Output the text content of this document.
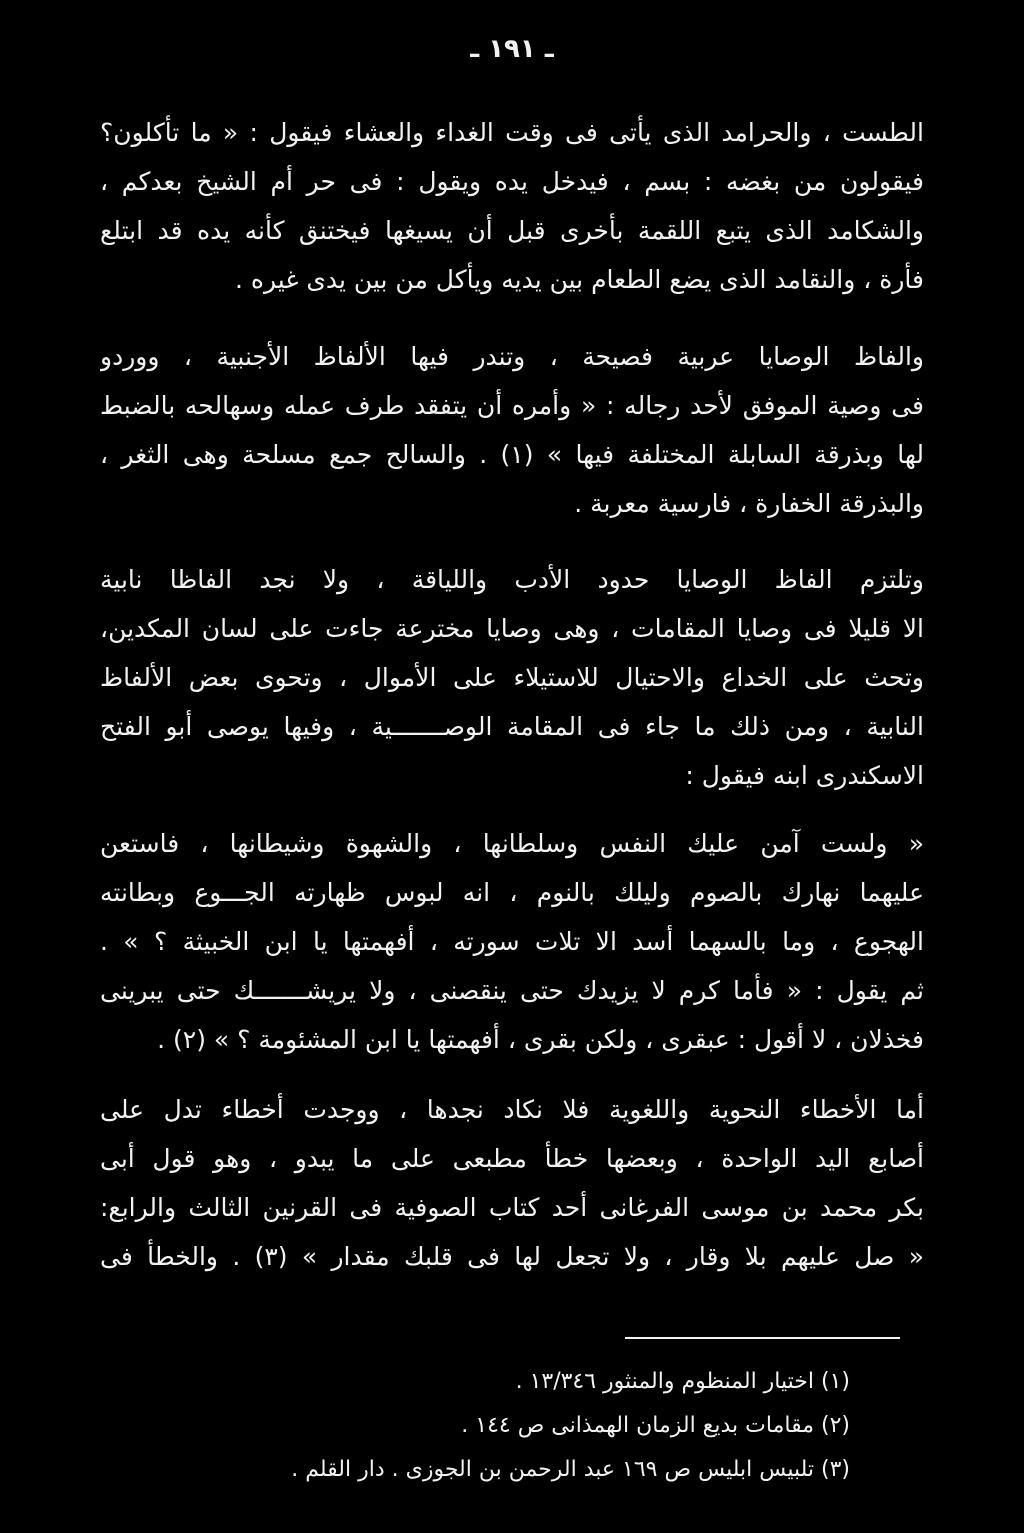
ـ ١٩١ ـ
الطست ، والحرامد الذى يأتى فى وقت الغداء والعشاء فيقول : « ما تأكلون؟
فيقولون من بغضه : بسم ، فيدخل يده ويقول : فى حر أم الشيخ بعدكم ،
والشكامد الذى يتبع اللقمة بأخرى قبل أن يسيغها فيختنق كأنه يده قد ابتلع
فأرة ، والنقامد الذى يضع الطعام بين يديه ويأكل من بين يدى غيره .
والفاظ الوصايا عربية فصيحة ، وتندر فيها الألفاظ الأجنبية ، ووردو
فى وصية الموفق لأحد رجاله : « وأمره أن يتفقد طرف عمله وسهالحه بالضبط
لها وبذرقة السابلة المختلفة فيها » (١) . والسالح جمع مسلحة وهى الثغر ،
والبذرقة الخفارة ، فارسية معربة .
وتلتزم الفاظ الوصايا حدود الأدب واللياقة ، ولا نجد الفاظا نابية
الا قليلا فى وصايا المقامات ، وهى وصايا مخترعة جاءت على لسان المكدين،
وتحث على الخداع والاحتيال للاستيلاء على الأموال ، وتحوى بعض الألفاظ
النابية ، ومن ذلك ما جاء فى المقامة الوصـــــــية ، وفيها يوصى أبو الفتح
الاسكندرى ابنه فيقول :
« ولست آمن عليك النفس وسلطانها ، والشهوة وشيطانها ، فاستعن
عليهما نهارك بالصوم وليلك بالنوم ، انه لبوس ظهارته الجـــوع وبطانته
الهجوع ، وما بالسهما أسد الا تلات سورته ، أفهمتها يا ابن الخبيثة ؟ » .
ثم يقول : « فأما كرم لا يزيدك حتى ينقصنى ، ولا يريشـــــــك حتى يبرينى
فخذلان ، لا أقول : عبقرى ، ولكن بقرى ، أفهمتها يا ابن المشئومة ؟ » (٢) .
أما الأخطاء النحوية واللغوية فلا نكاد نجدها ، ووجدت أخطاء تدل على
أصابع اليد الواحدة ، وبعضها خطأ مطبعى على ما يبدو ، وهو قول أبى
بكر محمد بن موسى الفرغانى أحد كتاب الصوفية فى القرنين الثالث والرابع:
« صل عليهم بلا وقار ، ولا تجعل لها فى قلبك مقدار » (٣) . والخطأ فى
(١) اختيار المنظوم والمنثور ١٣/٣٤٦ .
(٢) مقامات بديع الزمان الهمذانى ص ١٤٤ .
(٣) تلبيس ابليس ص ١٦٩ عبد الرحمن بن الجوزى . دار القلم .
